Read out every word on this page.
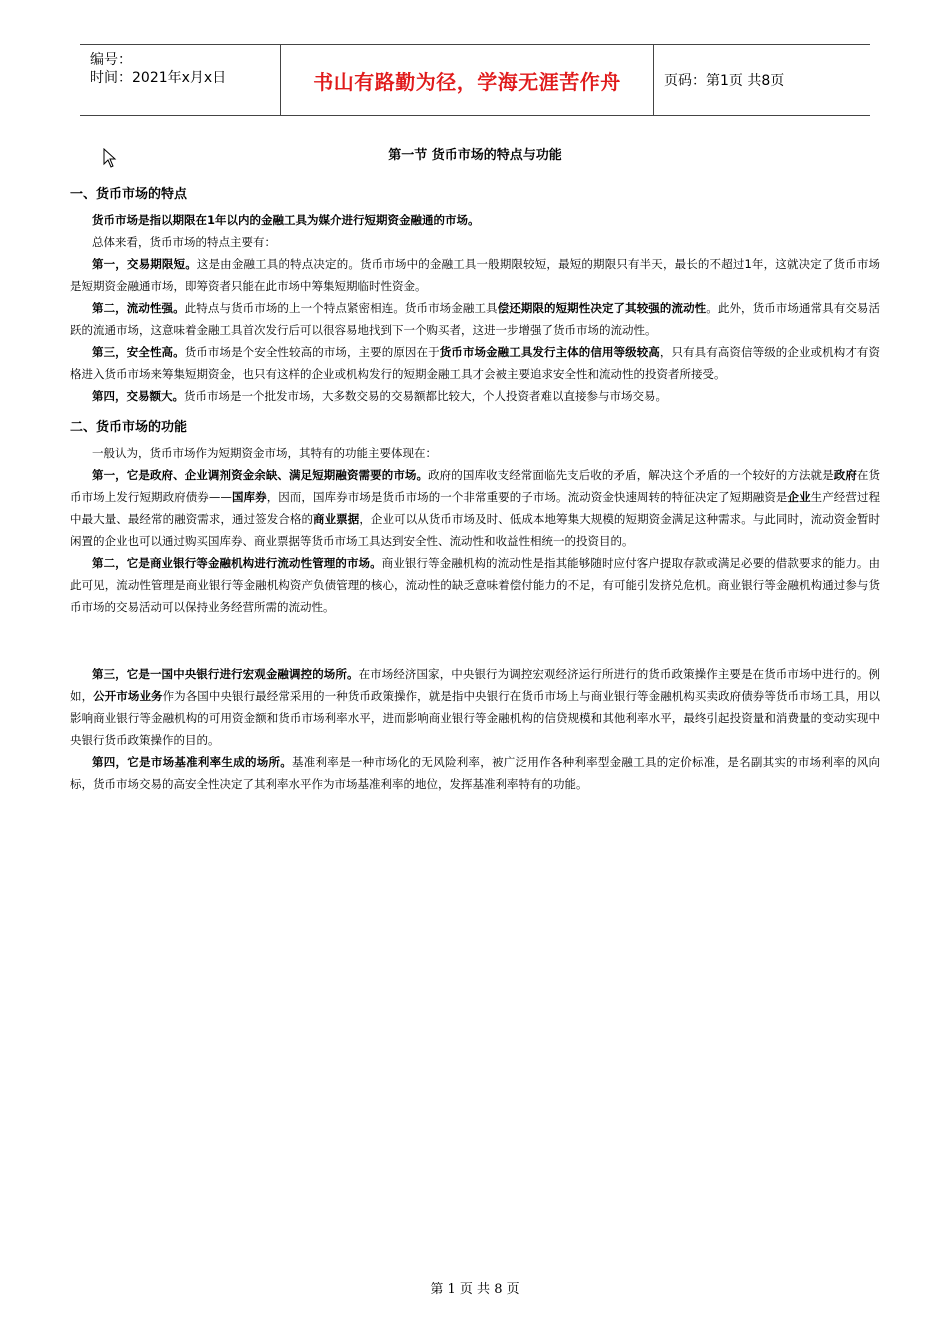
编号：
时间：2021年x月x日	书山有路勤为径，学海无涯苦作舟	页码：第1页 共8页
第一节 货币市场的特点与功能

一、货币市场的特点

货币市场是指以期限在1年以内的金融工具为媒介进行短期资金融通的市场。

总体来看，货币市场的特点主要有：

第一，交易期限短。这是由金融工具的特点决定的。货币市场中的金融工具一般期限较短，最短的期限只有半天，最长的不超过1年，这就决定了货币市场是短期资金融通市场，即筹资者只能在此市场中筹集短期临时性资金。

第二，流动性强。此特点与货币市场的上一个特点紧密相连。货币市场金融工具偿还期限的短期性决定了其较强的流动性。此外，货币市场通常具有交易活跃的流通市场，这意味着金融工具首次发行后可以很容易地找到下一个购买者，这进一步增强了货币市场的流动性。

第三，安全性高。货币市场是个安全性较高的市场，主要的原因在于货币市场金融工具发行主体的信用等级较高，只有具有高资信等级的企业或机构才有资格进入货币市场来筹集短期资金，也只有这样的企业或机构发行的短期金融工具才会被主要追求安全性和流动性的投资者所接受。

第四，交易额大。货币市场是一个批发市场，大多数交易的交易额都比较大，个人投资者难以直接参与市场交易。

二、货币市场的功能

一般认为，货币市场作为短期资金市场，其特有的功能主要体现在：

第一，它是政府、企业调剂资金余缺、满足短期融资需要的市场。政府的国库收支经常面临先支后收的矛盾，解决这个矛盾的一个较好的方法就是政府在货币市场上发行短期政府债券——国库券，因而，国库券市场是货币市场的一个非常重要的子市场。流动资金快速周转的特征决定了短期融资是企业生产经营过程中最大量、最经常的融资需求，通过签发合格的商业票据，企业可以从货币市场及时、低成本地筹集大规模的短期资金满足这种需求。与此同时，流动资金暂时闲置的企业也可以通过购买国库券、商业票据等货币市场工具达到安全性、流动性和收益性相统一的投资目的。

第二，它是商业银行等金融机构进行流动性管理的市场。商业银行等金融机构的流动性是指其能够随时应付客户提取存款或满足必要的借款要求的能力。由此可见，流动性管理是商业银行等金融机构资产负债管理的核心，流动性的缺乏意味着偿付能力的不足，有可能引发挤兑危机。商业银行等金融机构通过参与货币市场的交易活动可以保持业务经营所需的流动性。

第三，它是一国中央银行进行宏观金融调控的场所。在市场经济国家，中央银行为调控宏观经济运行所进行的货币政策操作主要是在货币市场中进行的。例如，公开市场业务作为各国中央银行最经常采用的一种货币政策操作，就是指中央银行在货币市场上与商业银行等金融机构买卖政府债券等货币市场工具，用以影响商业银行等金融机构的可用资金额和货币市场利率水平，进而影响商业银行等金融机构的信贷规模和其他利率水平，最终引起投资量和消费量的变动实现中央银行货币政策操作的目的。

第四，它是市场基准利率生成的场所。基准利率是一种市场化的无风险利率，被广泛用作各种利率型金融工具的定价标准，是名副其实的市场利率的风向标，货币市场交易的高安全性决定了其利率水平作为市场基准利率的地位，发挥基准利率特有的功能。

第 1 页 共 8 页
